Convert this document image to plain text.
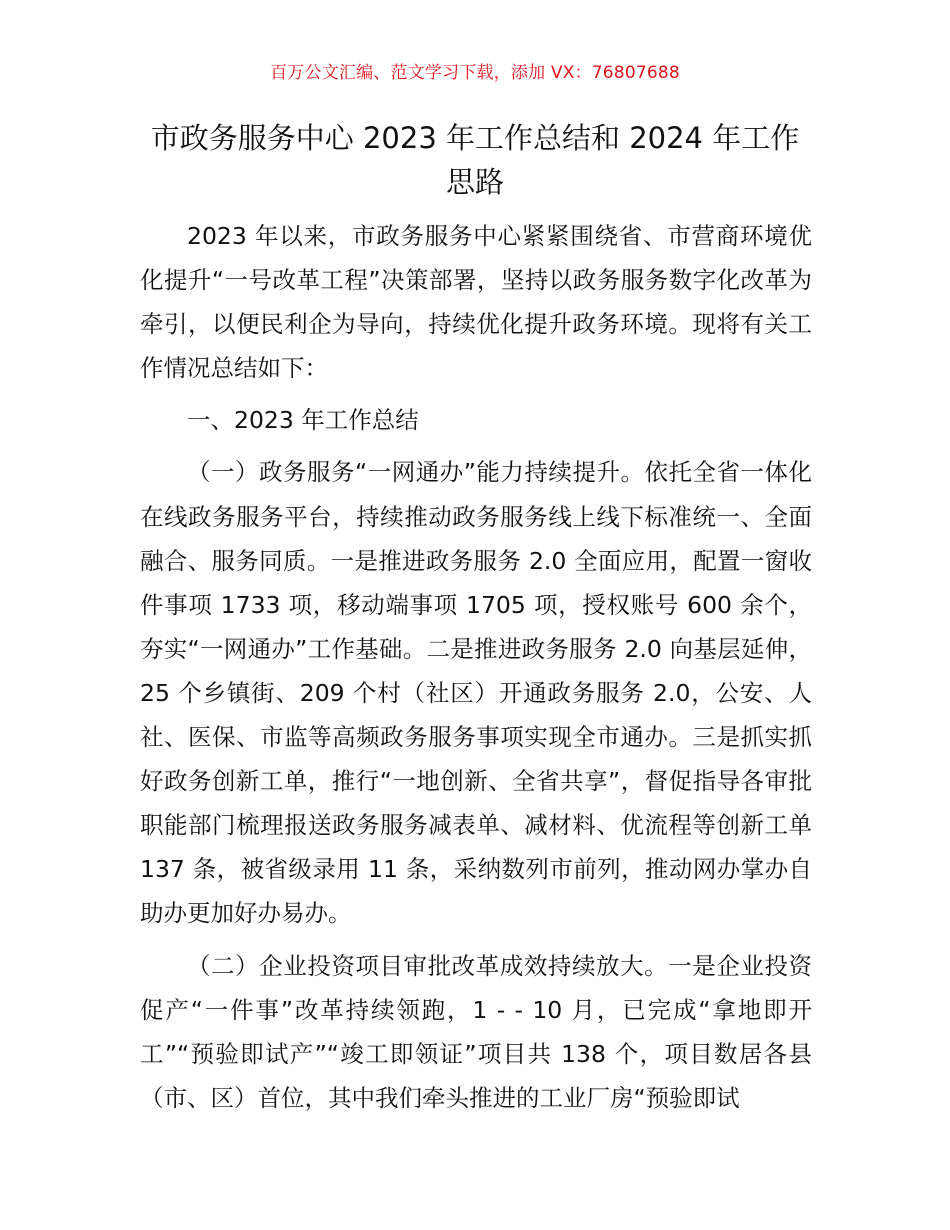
百万公文汇编、范文学习下载，添加 VX：76807688
市政务服务中心 2023 年工作总结和 2024 年工作思路

2023 年以来，市政务服务中心紧紧围绕省、市营商环境优化提升“一号改革工程”决策部署，坚持以政务服务数字化改革为牵引，以便民利企为导向，持续优化提升政务环境。现将有关工作情况总结如下：

一、2023 年工作总结

（一）政务服务“一网通办”能力持续提升。依托全省一体化在线政务服务平台，持续推动政务服务线上线下标准统一、全面融合、服务同质。一是推进政务服务 2.0 全面应用，配置一窗收件事项 1733 项，移动端事项 1705 项，授权账号 600 余个，夯实“一网通办”工作基础。二是推进政务服务 2.0 向基层延伸，25 个乡镇街、209 个村（社区）开通政务服务 2.0，公安、人社、医保、市监等高频政务服务事项实现全市通办。三是抓实抓好政务创新工单，推行“一地创新、全省共享”，督促指导各审批职能部门梳理报送政务服务减表单、减材料、优流程等创新工单 137 条，被省级录用 11 条，采纳数列市前列，推动网办掌办自助办更加好办易办。

（二）企业投资项目审批改革成效持续放大。一是企业投资促产“一件事”改革持续领跑，1 - - 10 月，已完成“拿地即开工”“预验即试产”“竣工即领证”项目共 138 个，项目数居各县（市、区）首位，其中我们牵头推进的工业厂房“预验即试
